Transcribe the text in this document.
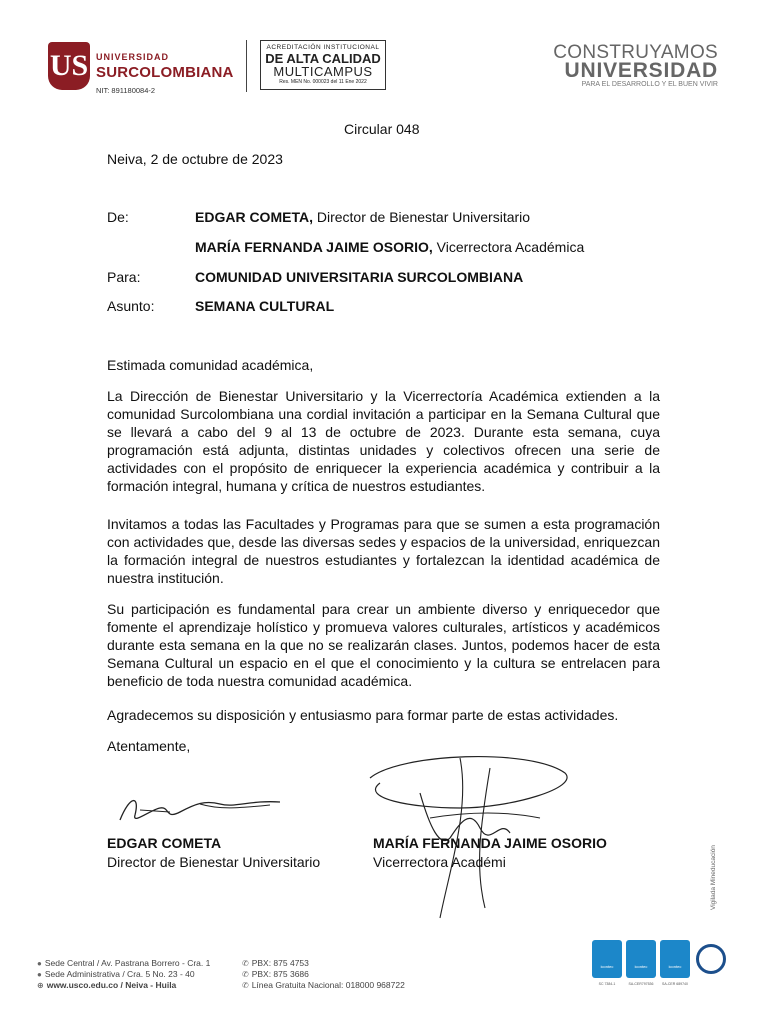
US UNIVERSIDAD
SURCOLOMBIANA
NIT: 891180084-2
ACREDITACIÓN INSTITUCIONAL
DE ALTA CALIDAD
MULTICAMPUS
Res. MEN No. 000023 del 11 Ene 2022
CONSTRUYAMOS
UNIVERSIDAD
PARA EL DESARROLLO Y EL BUEN VIVIR
Circular 048
Neiva, 2 de octubre de 2023
De:	EDGAR COMETA, Director de Bienestar Universitario
MARÍA FERNANDA JAIME OSORIO, Vicerrectora Académica
Para:	COMUNIDAD UNIVERSITARIA SURCOLOMBIANA
Asunto:	SEMANA CULTURAL
Estimada comunidad académica,
La Dirección de Bienestar Universitario y la Vicerrectoría Académica extienden a la comunidad Surcolombiana una cordial invitación a participar en la Semana Cultural que se llevará a cabo del 9 al 13 de octubre de 2023. Durante esta semana, cuya programación está adjunta, distintas unidades y colectivos ofrecen una serie de actividades con el propósito de enriquecer la experiencia académica y contribuir a la formación integral, humana y crítica de nuestros estudiantes.
Invitamos a todas las Facultades y Programas para que se sumen a esta programación con actividades que, desde las diversas sedes y espacios de la universidad, enriquezcan la formación integral de nuestros estudiantes y fortalezcan la identidad académica de nuestra institución.
Su participación es fundamental para crear un ambiente diverso y enriquecedor que fomente el aprendizaje holístico y promueva valores culturales, artísticos y académicos durante esta semana en la que no se realizarán clases. Juntos, podemos hacer de esta Semana Cultural un espacio en el que el conocimiento y la cultura se entrelacen para beneficio de toda nuestra comunidad académica.
Agradecemos su disposición y entusiasmo para formar parte de estas actividades.
Atentamente,
EDGAR COMETA
Director de Bienestar Universitario
MARÍA FERNANDA JAIME OSORIO
Vicerrectora Académi	Vigilada Mineducación
● Sede Central / Av. Pastrana Borrero - Cra. 1
● Sede Administrativa / Cra. 5 No. 23 - 40
⊕ www.usco.edu.co / Neiva - Huila
✆ PBX: 875 4753
✆ PBX: 875 3686
✆ Línea Gratuita Nacional: 018000 968722
icontec	icontec	icontec
SC 7384-1	SA-CER797536	SA-CER 689740
